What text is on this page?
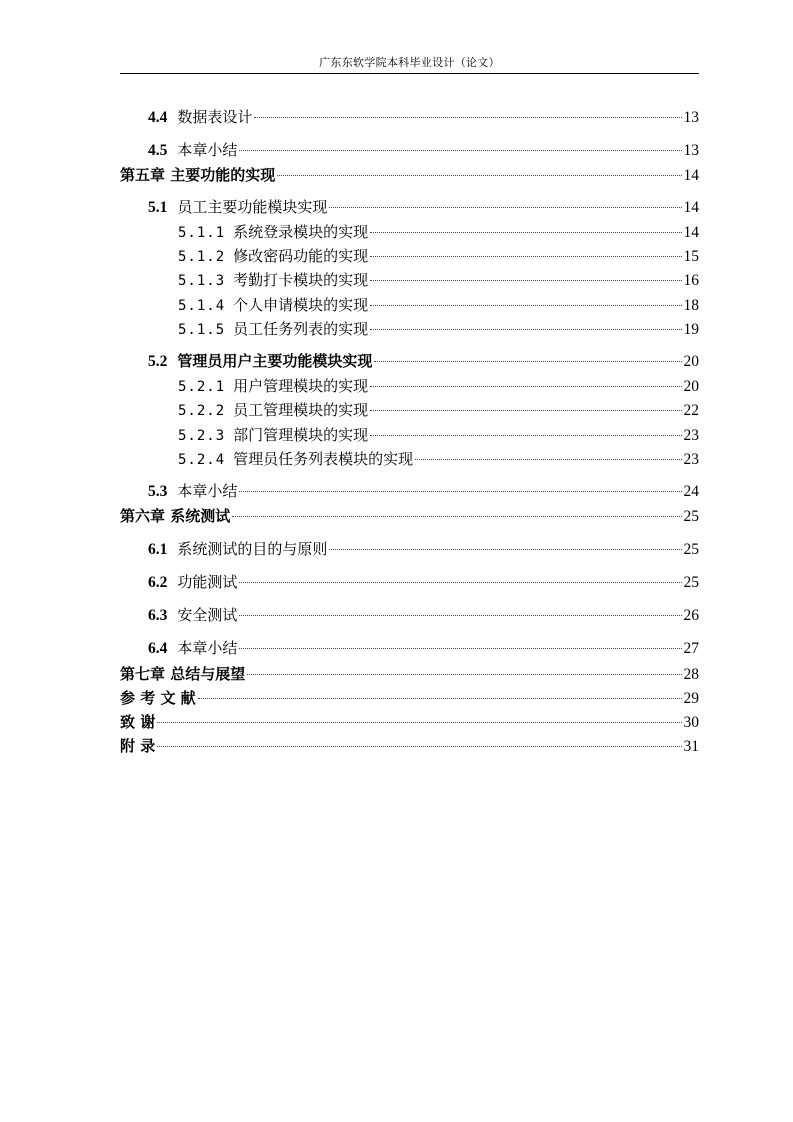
广东东软学院本科毕业设计（论文）
4.4 数据表设计	13
4.5 本章小结	13
第五章 主要功能的实现	14
5.1 员工主要功能模块实现	14
5.1.1 系统登录模块的实现	14
5.1.2 修改密码功能的实现	15
5.1.3 考勤打卡模块的实现	16
5.1.4 个人申请模块的实现	18
5.1.5 员工任务列表的实现	19
5.2 管理员用户主要功能模块实现	20
5.2.1 用户管理模块的实现	20
5.2.2 员工管理模块的实现	22
5.2.3 部门管理模块的实现	23
5.2.4 管理员任务列表模块的实现	23
5.3 本章小结	24
第六章 系统测试	25
6.1 系统测试的目的与原则	25
6.2 功能测试	25
6.3 安全测试	26
6.4 本章小结	27
第七章 总结与展望	28
参 考 文 献	29
致 谢	30
附 录	31
